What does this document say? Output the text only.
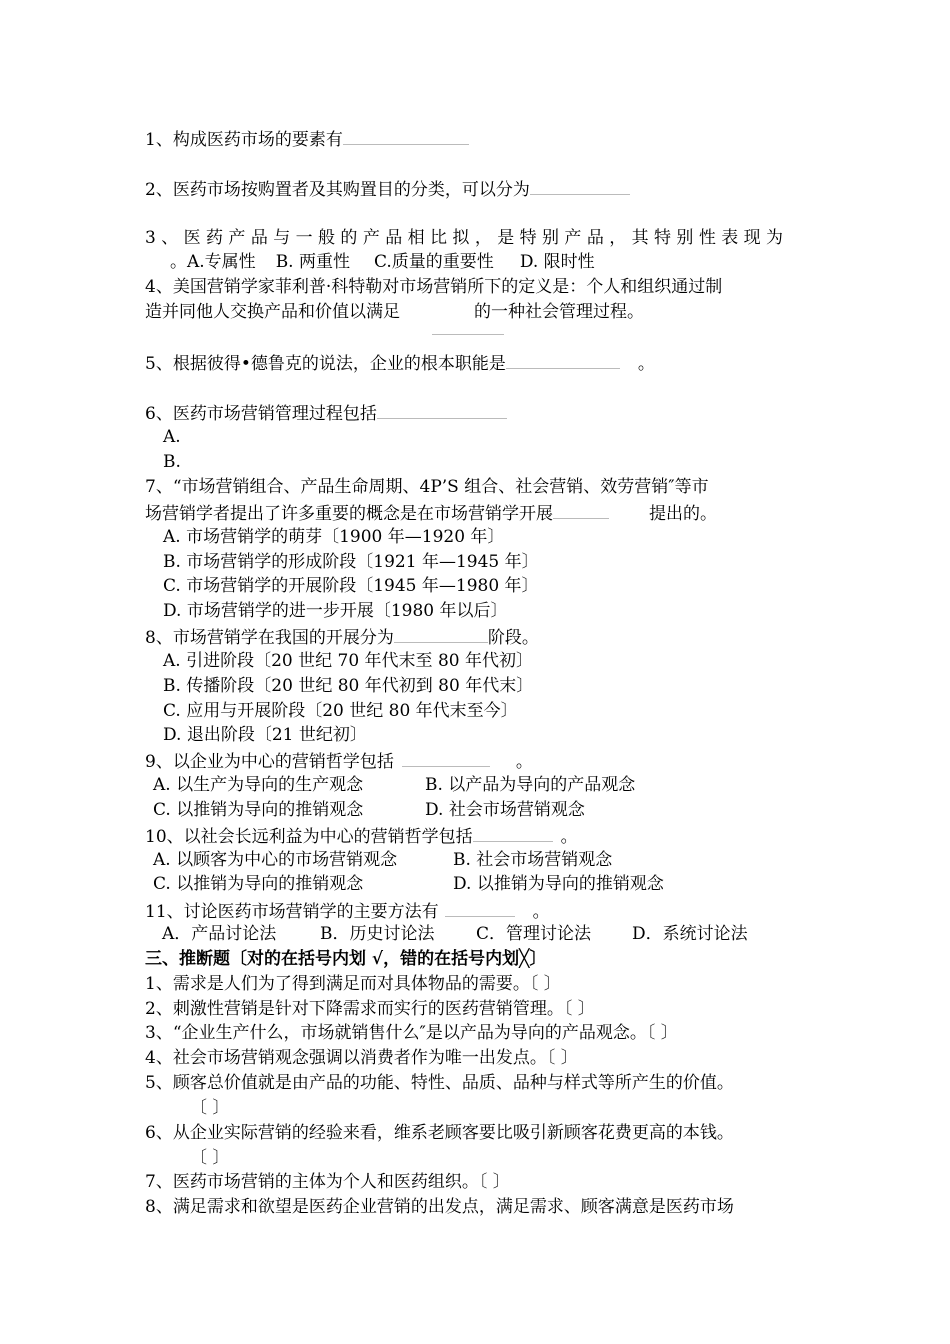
1、构成医药市场的要素有
2、医药市场按购置者及其购置目的分类，可以分为
3、医药产品与一般的产品相比拟，是特别产品，其特别性表现为
。A.专属性 B. 两重性 C.质量的重要性 D. 限时性
4、美国营销学家菲利普·科特勒对市场营销所下的定义是：个人和组织通过制
造并同他人交换产品和价值以满足	的一种社会管理过程。
5、根据彼得•德鲁克的说法，企业的根本职能是	。
6、医药市场营销管理过程包括
A.
B.
7、“市场营销组合、产品生命周期、4P’S 组合、社会营销、效劳营销″等市
场营销学者提出了许多重要的概念是在市场营销学开展	提出的。
A. 市场营销学的萌芽〔1900 年—1920 年〕
B. 市场营销学的形成阶段〔1921 年—1945 年〕
C. 市场营销学的开展阶段〔1945 年—1980 年〕
D. 市场营销学的进一步开展〔1980 年以后〕
8、市场营销学在我国的开展分为	阶段。
A. 引进阶段〔20 世纪 70 年代末至 80 年代初〕
B. 传播阶段〔20 世纪 80 年代初到 80 年代末〕
C. 应用与开展阶段〔20 世纪 80 年代末至今〕
D. 退出阶段〔21 世纪初〕
9、以企业为中心的营销哲学包括	。
A. 以生产为导向的生产观念	B. 以产品为导向的产品观念
C. 以推销为导向的推销观念	D. 社会市场营销观念
10、以社会长远利益为中心的营销哲学包括	。
A. 以顾客为中心的市场营销观念	B. 社会市场营销观念
C. 以推销为导向的推销观念	D. 以推销为导向的推销观念
11、讨论医药市场营销学的主要方法有	。
A．产品讨论法	B．历史讨论法 C．管理讨论法 D．系统讨论法
三、推断题〔对的在括号内划 √，错的在括号内划╳〕
1、需求是人们为了得到满足而对具体物品的需要。〔 〕
2、刺激性营销是针对下降需求而实行的医药营销管理。〔 〕
3、“企业生产什么，市场就销售什么″是以产品为导向的产品观念。〔 〕
4、社会市场营销观念强调以消费者作为唯一出发点。〔 〕
5、顾客总价值就是由产品的功能、特性、品质、品种与样式等所产生的价值。
〔 〕
6、从企业实际营销的经验来看，维系老顾客要比吸引新顾客花费更高的本钱。
〔 〕
7、医药市场营销的主体为个人和医药组织。〔 〕
8、满足需求和欲望是医药企业营销的出发点，满足需求、顾客满意是医药市场
